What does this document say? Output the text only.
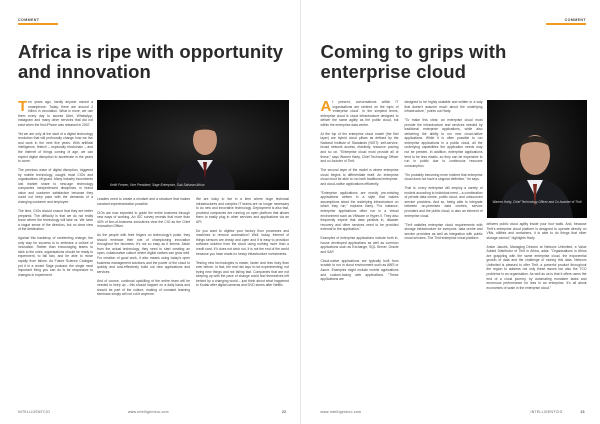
COMMENT
Africa is ripe with opportunity and innovation

Ten years ago, hardly anyone owned a smartphone. Today, there are around 2 billion in circulation. What is more, we use them every day to access Uber, WhatsApp, Instagram and many other services that did not exist when the first iPhone was released in 2007.

Yet we are only at the start of a digital technology revolution that will profoundly change how we live and work in the next five years. With artificial intelligence, fintech – especially blockchain – and the Internet of things coming of age, we can expect digital disruption to accelerate in the years to come.

The previous wave of digital disruption, triggered by mobile technology, caught most CIOs and organisations off guard. Many industry incumbents lost market share to new-age technology companies inexperienced disciplines in brand value and customer satisfaction because they could not keep pace with the demands of a changing customer and employee.

The time, CIOs should ensure that they are better prepared. The difficulty is that we do not really know where the technology will take us. We have a vague sense of the direction, but no clear view of the destination.

Against this backdrop of unrelenting change, the only way for success is to embrace a culture of innovation. Rather than encouraging teams to stick to the rules, organisations should be ready to experiment, to fail fast, and be able to move rapidly from failure. As Future Science Cadogan put it in a recent Sage podcast: the single most important thing you can do is be responsive to changes in experiment.

Keith Fenner, Vice President, Sage Enterprise, Sub-Saharan Africa

Leaders need to create a mindset and a structure that makes constant experimentation possible.

CIOs are now expected to guide the entire business through new ways of working. An IDC survey reveals that more than 40% of line-of-business executives view the CIO as the Chief Innovation Officer.

As the people with their fingers on technology's pulse, they should embrace their role of championing innovation throughout the business. It's not so easy as it seems. Aside from the actual technology, they need to start creating an open, collaborative culture where digital natives can grow well. For creation of good work, it also means using today's open business management solutions and the power of the cloud to quickly and cost-effectively build out new applications and services.

And of course, continual upskilling of the entire team will be needed to keep up – this should happen on a daily basis and should be part of the culture, making of constant learning seminars simply will not cut it anymore.

We are lucky to live in a time where huge technical infrastructures and complex IT teams are no longer necessary to do new and innovative technology. Deployment is also fast, provided companies are running on open platform that allows them to easily plug in other services and applications via an API.

Do you want to digitise your factory floor processes and machines to remove automation? Well, today, Internet of things sensors are cheap and open and it is easy to provision software solution from the cloud using nothing more than a credit card. If it does not work out, it is not the end of the world because you have made no heavy infrastructure investments.

Testing new technologies is easier, faster and less risky than ever before. In fact, the real risk lays in not experimenting, not trying new things and not failing fast. Companies that are not keeping up with the pace of change could find themselves left behind by a changing world – just think about what happened to Kodak after digital cameras and DVD stores after Netflix.

INTELLIGENTCIO	www.intelligentcio.com	22
COMMENT
Coming to grips with enterprise cloud

At present, conversations within IT organisations are centred on the topic of 'enterprise cloud'. In the simplest terms, enterprise cloud is cloud infrastructure designed to deliver the same agility as the public cloud, but within the enterprise data centre.

At the top of the enterprise cloud model (the first layer) are hybrid cloud pillars as defined by the National Institute of Standards (NIST): self-service, broad network access, elasticity, resource pooling and so on. "Enterprise cloud must provide all of these," says Warren Harty, Chief Technology Officer and co-founder of Tirrit.

The second layer of the model is where enterprise cloud begins to differentiate itself. An enterprise cloud must be able to run both traditional enterprise- and cloud-native applications efficiently.

"Enterprise applications are mostly pre-existing applications written in a style that makes assumptions about the underlying infrastructure on which they run," explains Harty. "For instance, enterprise applications often run in a virtual environment such as VMware or Hyper-V. They also frequently expect that data persists in, disaster recovery and other services need to be provided external to the application."

Examples of enterprise applications include both in-house developed applications as well as common applications such as Exchange, SQL Server, Oracle and SAP.

Cloud-native applications are typically built from scratch to run in cloud environment such as AWS or Azure. Examples might include mobile applications and custom-facing web applications. "These applications are

designed to be highly scalable and written in a way that doesn't assume much about the underlying infrastructure," points out Harty.

"To make this clear, an enterprise cloud must provide the infrastructure and services needed by traditional enterprise applications, while also delivering the ability to run new cloud-native applications. While it is often possible to run enterprise applications in a public cloud, all the underlying capabilities the application needs may not be present. In addition, enterprise applications tend to be less elastic, so they can be expensive to run in public due to continuous resource consumption.

"It's probably becoming more evident that enterprise cloud does not have a singular definition," he says.

That is, every enterprise will employ a variety of models according to individual need – a combination of private data centre, public cloud, and outsourced service providers. And so, being able to integrate between on-premises data centres, service providers and the public cloud, is also an element of enterprise cloud.

"Tirrit satisfies enterprise cloud requirements with storage infrastructure for everyone, data centre and service providers as well as integration with public cloud services. The Tirrit enterprise cloud platform

Warren Harty, Chief Technology Officer and Co-founder of Tirrit

delivers public cloud agility inside your four walls. And, because Tirrit's enterprise cloud platform is designed to operate directly on VMs, utilities and containers, it is able to do things that other storage cannot," highlights Harty.

Anton Jacobs, Managing Director at Networx Unlimited, a Value Added Distributor of Tirrit in Africa, adds: "Organisations in Africa are grappling with the same enterprise cloud, the exponential growth of data and the challenge of storing this data. Networx Unlimited is pleased to offer Tirrit, a powerful product throughout the region to address not only these issues but also the TCO problems in an organisation. As well as us is that it offers users the end of a cloud journey, by automating mundane tasks and enormous performance for less in an enterprise. It's all about economies of scale in the enterprise cloud."

www.intelligentcio.com	INTELLIGENTCIO	23
